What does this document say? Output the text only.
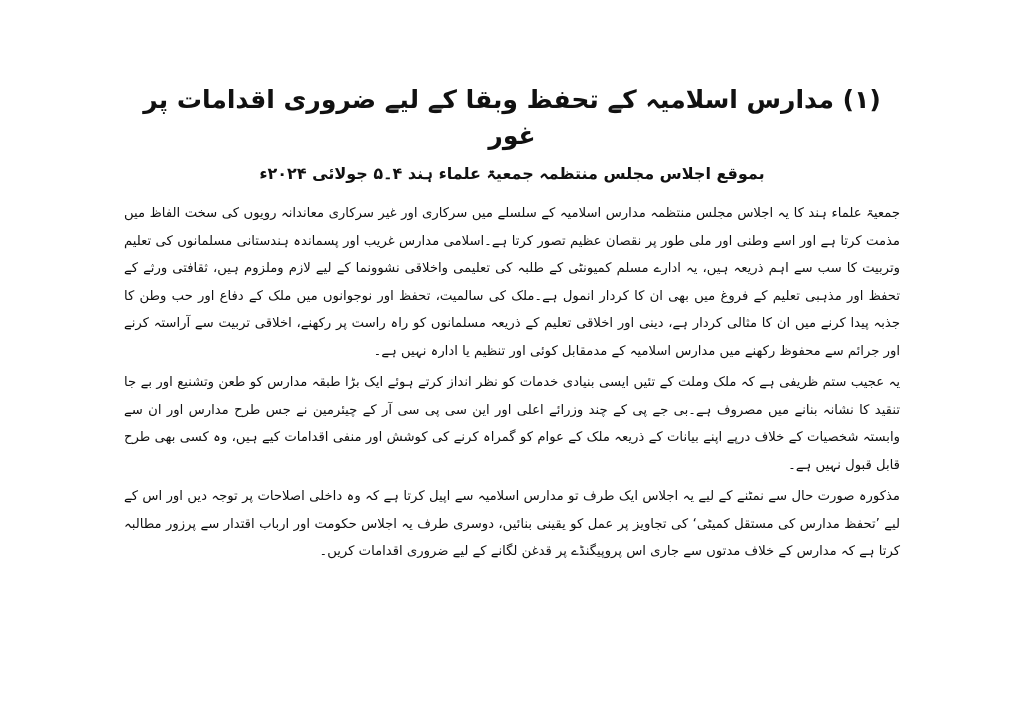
(۱) مدارس اسلامیہ کے تحفظ وبقا کے لیے ضروری اقدامات پر غور
بموقع اجلاس مجلس منتظمہ جمعیۃ علماء ہند ۴۔۵ جولائی ۲۰۲۴ء

جمعیۃ علماء ہند کا یہ اجلاس مجلس منتظمہ مدارس اسلامیہ کے سلسلے میں سرکاری اور غیر سرکاری معاندانہ رویوں کی سخت الفاظ میں مذمت کرتا ہے اور اسے وطنی اور ملی طور پر نقصان عظیم تصور کرتا ہے۔اسلامی مدارس غریب اور پسماندہ ہندستانی مسلمانوں کی تعلیم وتربیت کا سب سے اہم ذریعہ ہیں، یہ ادارے مسلم کمیونٹی کے طلبہ کی تعلیمی واخلاقی نشوونما کے لیے لازم وملزوم ہیں، ثقافتی ورثے کے تحفظ اور مذہبی تعلیم کے فروغ میں بھی ان کا کردار انمول ہے۔ملک کی سالمیت، تحفظ اور نوجوانوں میں ملک کے دفاع اور حب وطن کا جذبہ پیدا کرنے میں ان کا مثالی کردار ہے، دینی اور اخلاقی تعلیم کے ذریعہ مسلمانوں کو راہ راست پر رکھنے، اخلاقی تربیت سے آراستہ کرنے اور جرائم سے محفوظ رکھنے میں مدارس اسلامیہ کے مدمقابل کوئی اور تنظیم یا ادارہ نہیں ہے۔

یہ عجیب ستم ظریفی ہے کہ ملک وملت کے تئیں ایسی بنیادی خدمات کو نظر انداز کرتے ہوئے ایک بڑا طبقہ مدارس کو طعن وتشنیع اور بے جا تنقید کا نشانہ بنانے میں مصروف ہے۔بی جے پی کے چند وزرائے اعلی اور این سی پی سی آر کے چیئرمین نے جس طرح مدارس اور ان سے وابستہ شخصیات کے خلاف درپے اپنے بیانات کے ذریعہ ملک کے عوام کو گمراہ کرنے کی کوشش اور منفی اقدامات کیے ہیں، وہ کسی بھی طرح قابل قبول نہیں ہے۔

مذکورہ صورت حال سے نمٹنے کے لیے یہ اجلاس ایک طرف تو مدارس اسلامیہ سے اپیل کرتا ہے کہ وہ داخلی اصلاحات پر توجہ دیں اور اس کے لیے ’تحفظ مدارس کی مستقل کمیٹی‘ کی تجاویز پر عمل کو یقینی بنائیں، دوسری طرف یہ اجلاس حکومت اور ارباب اقتدار سے پرزور مطالبہ کرتا ہے کہ مدارس کے خلاف مدتوں سے جاری اس پروپیگنڈے پر قدغن لگانے کے لیے ضروری اقدامات کریں۔
